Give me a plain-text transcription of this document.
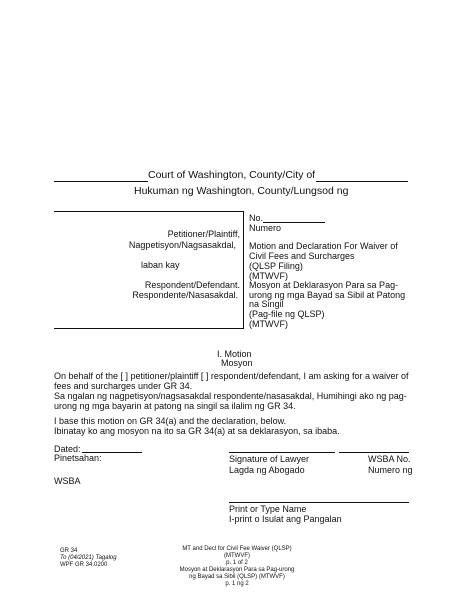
Court of Washington, County/City of
Hukuman ng Washington, County/Lungsod ng
Petitioner/Plaintiff,
Nagpetisyon/Nagsasakdal,
laban kay
Respondent/Defendant.
Respondente/Nasasakdal.
No.
Numero
Motion and Declaration For Waiver of
Civil Fees and Surcharges
(QLSP Filing)
(MTWVF)
Mosyon at Deklarasyon Para sa Pag-
urong ng mga Bayad sa Sibil at Patong
na Singil
(Pag-file ng QLSP)
(MTWVF)
I. Motion
Mosyon
On behalf of the [ ] petitioner/plaintiff [ ] respondent/defendant, I am asking for a waiver of
fees and surcharges under GR 34.
Sa ngalan ng nagpetisyon/nagsasakdal respondente/nasasakdal, Humihingi ako ng pag-
urong ng mga bayarin at patong na singil sa ilalim ng GR 34.
I base this motion on GR 34(a) and the declaration, below.
Ibinatay ko ang mosyon na ito sa GR 34(a) at sa deklarasyon, sa ibaba.
Dated:
Pinetsahan:	Signature of Lawyer
Lagda ng Abogado
WSBA No.
Numero ng
WSBA
Print or Type Name
I-print o Isulat ang Pangalan
GR 34
To (04/2021) Tagalog
WPF GR 34.0200
MT and Decl for Civil Fee Waiver (QLSP)
(MTWVF)
p. 1 of 2
Mosyon at Deklarasyon Para sa Pag-urong
ng Bayad sa Sibil (QLSP) (MTWVF)
p. 1 ng 2
